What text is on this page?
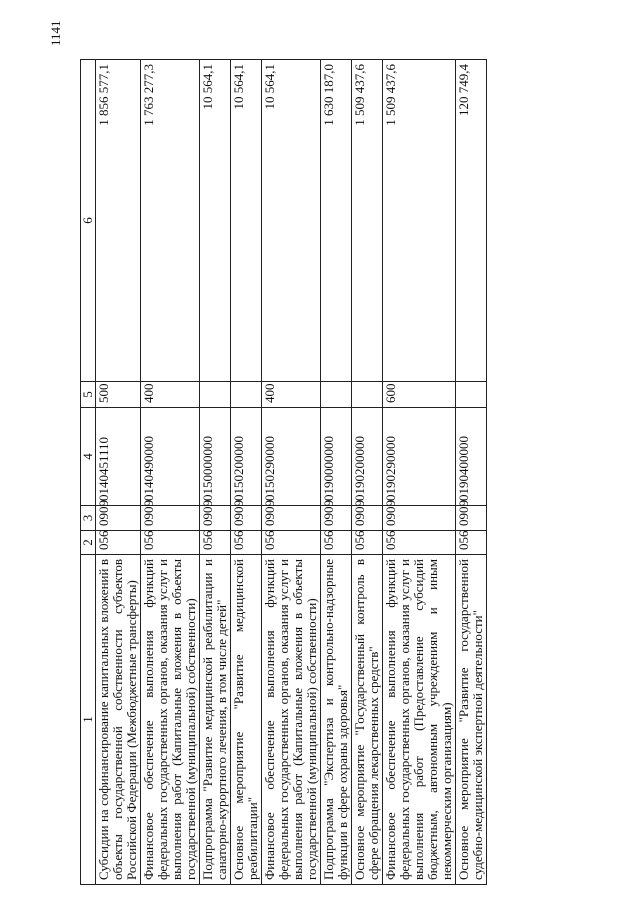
1141
1	2	3	4	5	6
Субсидии на софинансирование капитальных вложений в объекты государственной собственности субъектов Российской Федерации (Межбюджетные трансферты)	056	0909	0140451110	500	1 856 577,1
Финансовое обеспечение выполнения функций федеральных государственных органов, оказания услуг и выполнения работ (Капитальные вложения в объекты государственной (муниципальной) собственности)	056	0909	0140490000	400	1 763 277,3
Подпрограмма "Развитие медицинской реабилитации и санаторно-курортного лечения, в том числе детей"	056	0909	0150000000		10 564,1
Основное мероприятие "Развитие медицинской реабилитации"	056	0909	0150200000		10 564,1
Финансовое обеспечение выполнения функций федеральных государственных органов, оказания услуг и выполнения работ (Капитальные вложения в объекты государственной (муниципальной) собственности)	056	0909	0150290000	400	10 564,1
Подпрограмма "Экспертиза и контрольно-надзорные функции в сфере охраны здоровья"	056	0909	0190000000		1 630 187,0
Основное мероприятие "Государственный контроль в сфере обращения лекарственных средств"	056	0909	0190200000		1 509 437,6
Финансовое обеспечение выполнения функций федеральных государственных органов, оказания услуг и выполнения работ (Предоставление субсидий бюджетным, автономным учреждениям и иным некоммерческим организациям)	056	0909	0190290000	600	1 509 437,6
Основное мероприятие "Развитие государственной судебно-медицинской экспертной деятельности"	056	0909	0190400000		120 749,4
